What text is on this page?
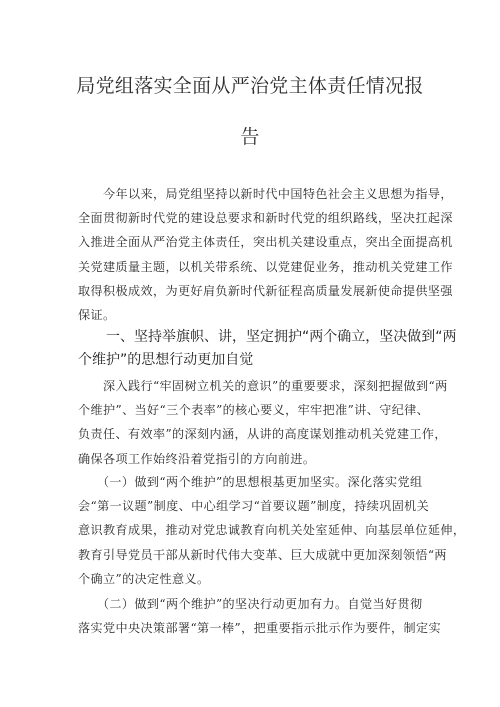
局党组落实全面从严治党主体责任情况报
告
　　今年以来，局党组坚持以新时代中国特色社会主义思想为指导，
全面贯彻新时代党的建设总要求和新时代党的组织路线，坚决扛起深
入推进全面从严治党主体责任，突出机关建设重点，突出全面提高机
关党建质量主题，以机关带系统、以党建促业务，推动机关党建工作
取得积极成效，为更好肩负新时代新征程高质量发展新使命提供坚强
保证。
　　一、坚持举旗帜、讲，坚定拥护“两个确立，坚决做到“两
个维护”的思想行动更加自觉
　　深入践行“牢固树立机关的意识”的重要要求，深刻把握做到“两
个维护”、当好“三个表率”的核心要义，牢牢把准”讲、守纪律、
负责任、有效率”的深刻内涵，从讲的高度谋划推动机关党建工作，
确保各项工作始终沿着党指引的方向前进。
　　（一）做到“两个维护”的思想根基更加坚实。深化落实党组
会“第一议题”制度、中心组学习“首要议题”制度，持续巩固机关
意识教育成果，推动对党忠诚教育向机关处室延伸、向基层单位延伸，
教育引导党员干部从新时代伟大变革、巨大成就中更加深刻领悟“两
个确立”的决定性意义。
　　（二）做到“两个维护”的坚决行动更加有力。自觉当好贯彻
落实党中央决策部署“第一棒”，把重要指示批示作为要件，制定实
